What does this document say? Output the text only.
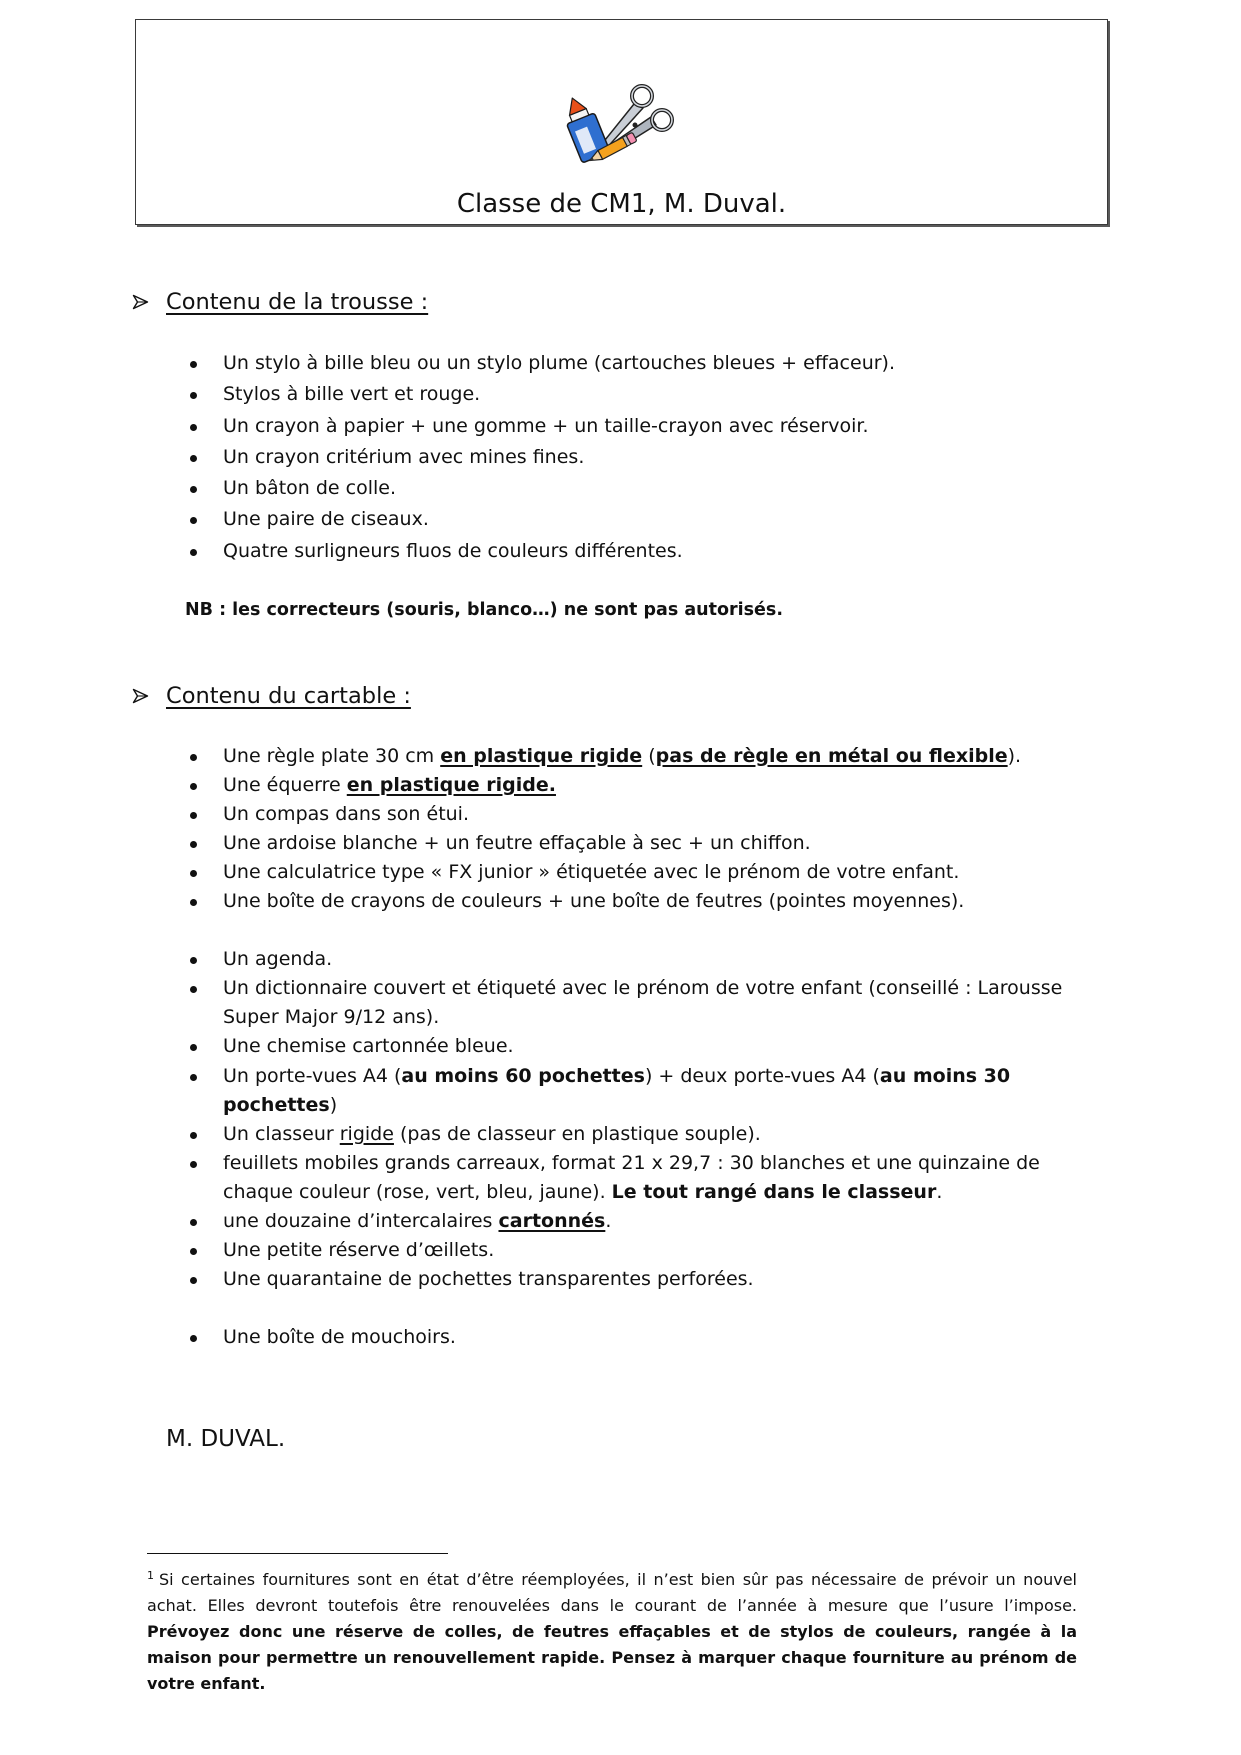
Classe de CM1, M. Duval.
Contenu de la trousse :
Un stylo à bille bleu ou un stylo plume (cartouches bleues + effaceur).
Stylos à bille vert et rouge.
Un crayon à papier + une gomme + un taille-crayon avec réservoir.
Un crayon critérium avec mines fines.
Un bâton de colle.
Une paire de ciseaux.
Quatre surligneurs fluos de couleurs différentes.
NB : les correcteurs (souris, blanco…) ne sont pas autorisés.
Contenu du cartable :
Une règle plate 30 cm en plastique rigide (pas de règle en métal ou flexible).
Une équerre en plastique rigide.
Un compas dans son étui.
Une ardoise blanche + un feutre effaçable à sec + un chiffon.
Une calculatrice type « FX junior » étiquetée avec le prénom de votre enfant.
Une boîte de crayons de couleurs + une boîte de feutres (pointes moyennes).
Un agenda.
Un dictionnaire couvert et étiqueté avec le prénom de votre enfant (conseillé : Larousse Super Major 9/12 ans).
Une chemise cartonnée bleue.
Un porte-vues A4 (au moins 60 pochettes) + deux porte-vues A4 (au moins 30 pochettes)
Un classeur rigide (pas de classeur en plastique souple).
feuillets mobiles grands carreaux, format 21 x 29,7 : 30 blanches et une quinzaine de chaque couleur (rose, vert, bleu, jaune). Le tout rangé dans le classeur.
une douzaine d’intercalaires cartonnés.
Une petite réserve d’œillets.
Une quarantaine de pochettes transparentes perforées.
Une boîte de mouchoirs.
M. DUVAL.

$^1$ Si certaines fournitures sont en état d’être réemployées, il n’est bien sûr pas nécessaire de prévoir un nouvel achat. Elles devront toutefois être renouvelées dans le courant de l’année à mesure que l’usure l’impose. Prévoyez donc une réserve de colles, de feutres effaçables et de stylos de couleurs, rangée à la maison pour permettre un renouvellement rapide. Pensez à marquer chaque fourniture au prénom de votre enfant.
